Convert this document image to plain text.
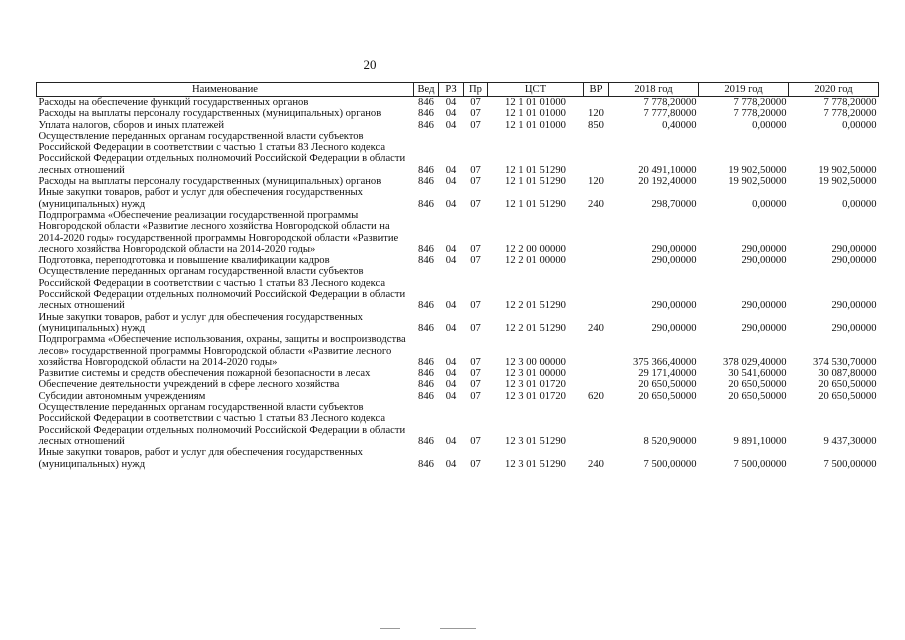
20
Наименование	Вед	РЗ	Пр	ЦСТ	ВР	2018 год	2019 год	2020 год
Расходы на обеспечение функций государственных органов	846	04	07	12 1 01 01000		7 778,20000	7 778,20000	7 778,20000
Расходы на выплаты персоналу государственных (муниципальных) органов	846	04	07	12 1 01 01000	120	7 777,80000	7 778,20000	7 778,20000
Уплата налогов, сборов и иных платежей	846	04	07	12 1 01 01000	850	0,40000	0,00000	0,00000
Осуществление переданных органам государственной власти субъектов Российской Федерации в соответствии с частью 1 статьи 83 Лесного кодекса Российской Федерации отдельных полномочий Российской Федерации в области лесных отношений	846	04	07	12 1 01 51290		20 491,10000	19 902,50000	19 902,50000
Расходы на выплаты персоналу государственных (муниципальных) органов	846	04	07	12 1 01 51290	120	20 192,40000	19 902,50000	19 902,50000
Иные закупки товаров, работ и услуг для обеспечения государственных (муниципальных) нужд	846	04	07	12 1 01 51290	240	298,70000	0,00000	0,00000
Подпрограмма «Обеспечение реализации государственной программы Новгородской области «Развитие лесного хозяйства Новгородской области на 2014-2020 годы» государственной программы Новгородской области «Развитие лесного хозяйства Новгородской области на 2014-2020 годы»	846	04	07	12 2 00 00000		290,00000	290,00000	290,00000
Подготовка, переподготовка и повышение квалификации кадров	846	04	07	12 2 01 00000		290,00000	290,00000	290,00000
Осуществление переданных органам государственной власти субъектов Российской Федерации в соответствии с частью 1 статьи 83 Лесного кодекса Российской Федерации отдельных полномочий Российской Федерации в области лесных отношений	846	04	07	12 2 01 51290		290,00000	290,00000	290,00000
Иные закупки товаров, работ и услуг для обеспечения государственных (муниципальных) нужд	846	04	07	12 2 01 51290	240	290,00000	290,00000	290,00000
Подпрограмма «Обеспечение использования, охраны, защиты и воспроизводства лесов» государственной программы Новгородской области «Развитие лесного хозяйства Новгородской области на 2014-2020 годы»	846	04	07	12 3 00 00000		375 366,40000	378 029,40000	374 530,70000
Развитие системы и средств обеспечения пожарной безопасности в лесах	846	04	07	12 3 01 00000		29 171,40000	30 541,60000	30 087,80000
Обеспечение деятельности учреждений в сфере лесного хозяйства	846	04	07	12 3 01 01720		20 650,50000	20 650,50000	20 650,50000
Субсидии автономным учреждениям	846	04	07	12 3 01 01720	620	20 650,50000	20 650,50000	20 650,50000
Осуществление переданных органам государственной власти субъектов Российской Федерации в соответствии с частью 1 статьи 83 Лесного кодекса Российской Федерации отдельных полномочий Российской Федерации в области лесных отношений	846	04	07	12 3 01 51290		8 520,90000	9 891,10000	9 437,30000
Иные закупки товаров, работ и услуг для обеспечения государственных (муниципальных) нужд	846	04	07	12 3 01 51290	240	7 500,00000	7 500,00000	7 500,00000
